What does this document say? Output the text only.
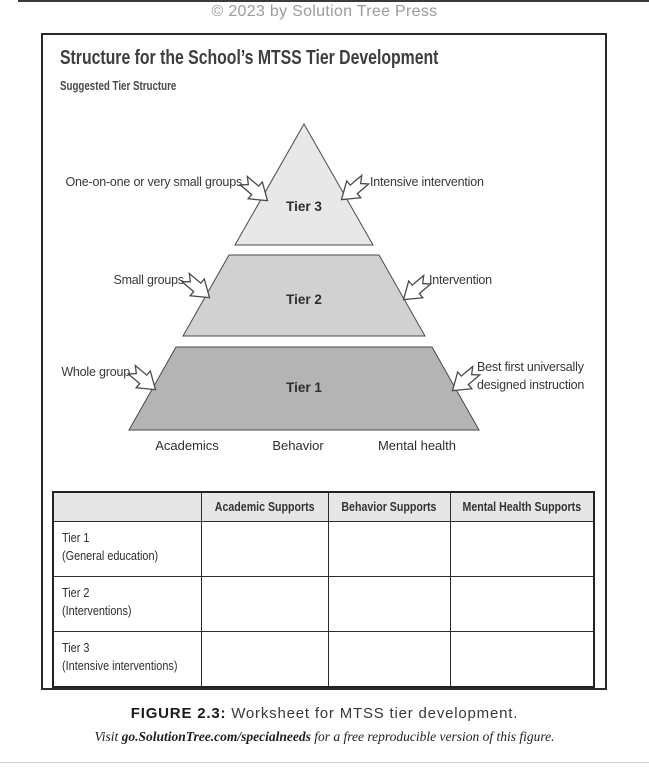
© 2023 by Solution Tree Press
Structure for the School’s MTSS Tier Development
Suggested Tier Structure
Tier 3
Tier 2
Tier 1
One-on-one or very small groups	Intensive intervention
Small groups	Intervention
Whole group	Best first universally
designed instruction
Academics	Behavior	Mental health
	Academic Supports	Behavior Supports	Mental Health Supports

Tier 1
(General education)			

Tier 2
(Interventions)			

Tier 3
(Intensive interventions)			

FIGURE 2.3: Worksheet for MTSS tier development.
Visit go.SolutionTree.com/specialneeds for a free reproducible version of this figure.
